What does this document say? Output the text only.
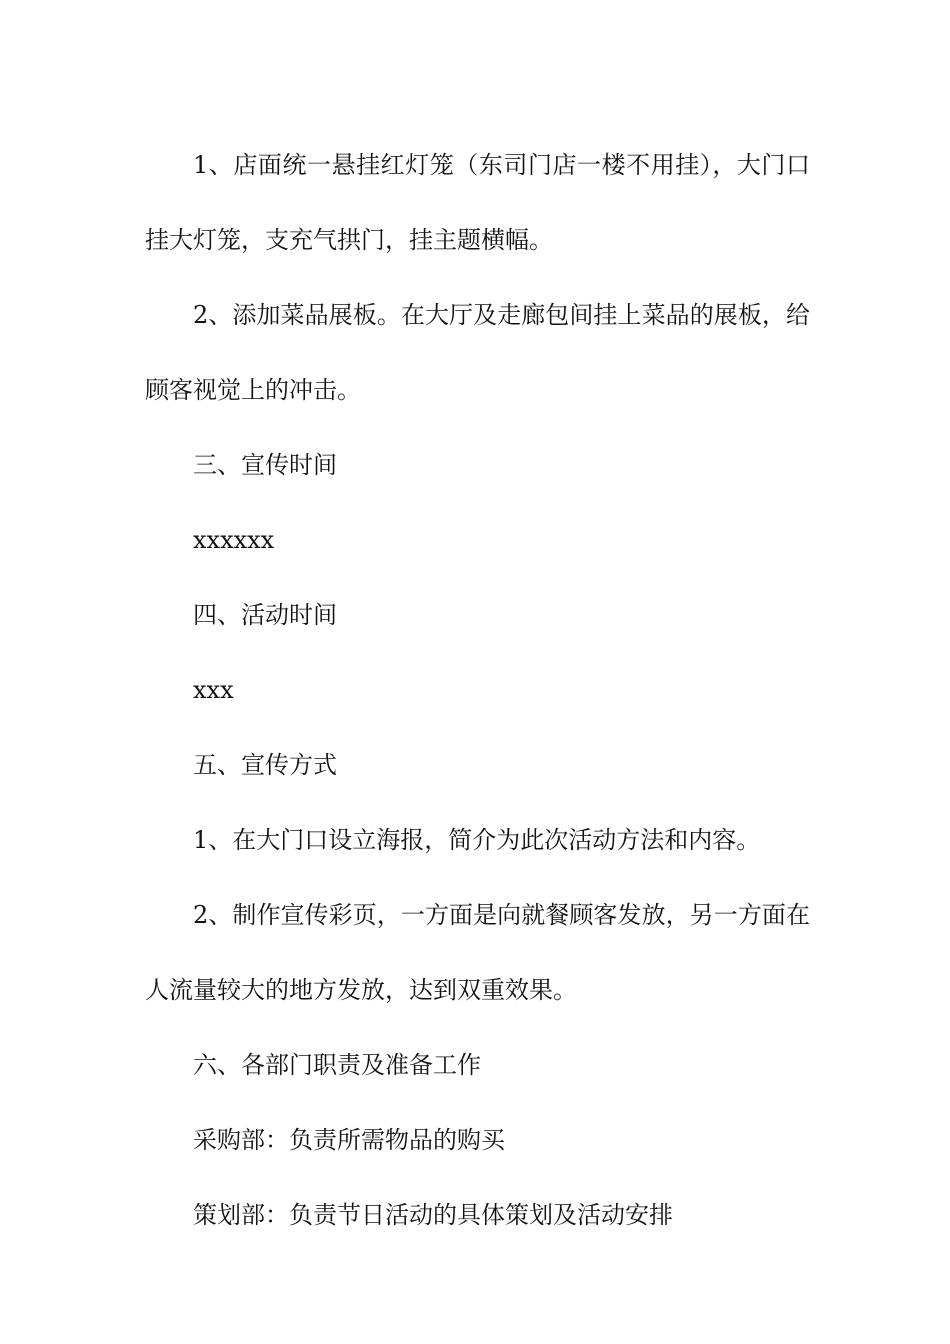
1、店面统一悬挂红灯笼（东司门店一楼不用挂），大门口挂大灯笼，支充气拱门，挂主题横幅。

2、添加菜品展板。在大厅及走廊包间挂上菜品的展板，给顾客视觉上的冲击。

三、宣传时间

xxxxxx

四、活动时间

xxx

五、宣传方式

1、在大门口设立海报，简介为此次活动方法和内容。

2、制作宣传彩页，一方面是向就餐顾客发放，另一方面在人流量较大的地方发放，达到双重效果。

六、各部门职责及准备工作

采购部：负责所需物品的购买

策划部：负责节日活动的具体策划及活动安排
